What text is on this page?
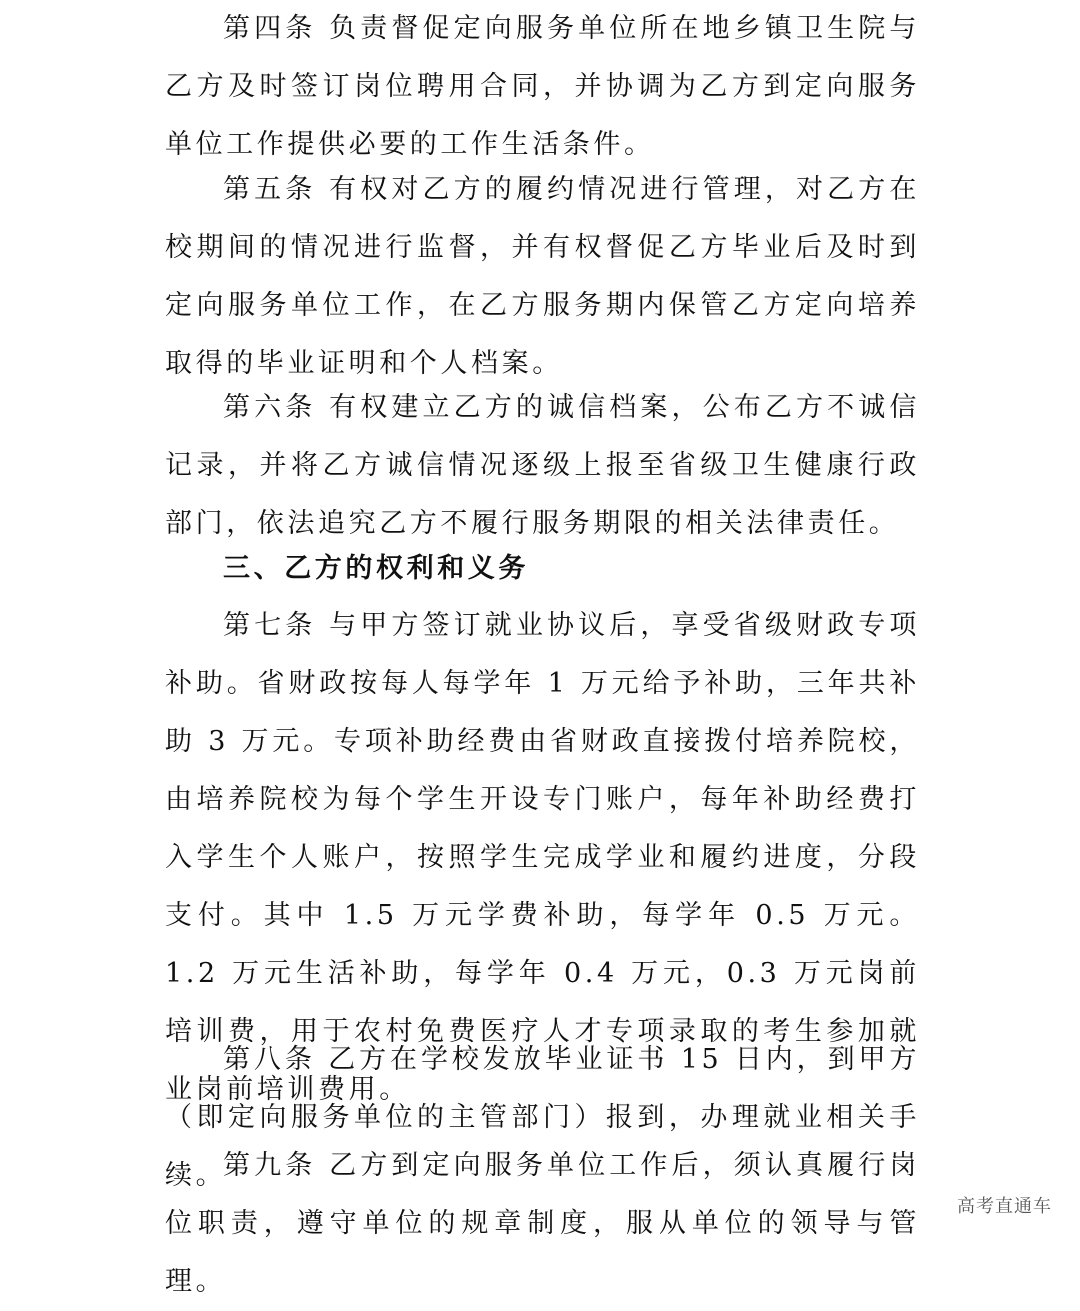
第四条 负责督促定向服务单位所在地乡镇卫生院与乙方及时签订岗位聘用合同，并协调为乙方到定向服务单位工作提供必要的工作生活条件。

第五条 有权对乙方的履约情况进行管理，对乙方在校期间的情况进行监督，并有权督促乙方毕业后及时到定向服务单位工作，在乙方服务期内保管乙方定向培养取得的毕业证明和个人档案。

第六条 有权建立乙方的诚信档案，公布乙方不诚信记录，并将乙方诚信情况逐级上报至省级卫生健康行政部门，依法追究乙方不履行服务期限的相关法律责任。

三、乙方的权利和义务

第七条 与甲方签订就业协议后，享受省级财政专项补助。省财政按每人每学年 1 万元给予补助，三年共补助 3 万元。专项补助经费由省财政直接拨付培养院校，由培养院校为每个学生开设专门账户，每年补助经费打入学生个人账户，按照学生完成学业和履约进度，分段支付。其中 1.5 万元学费补助，每学年 0.5 万元。1.2 万元生活补助，每学年 0.4 万元，0.3 万元岗前培训费，用于农村免费医疗人才专项录取的考生参加就业岗前培训费用。

第八条 乙方在学校发放毕业证书 15 日内，到甲方（即定向服务单位的主管部门）报到，办理就业相关手续。

第九条 乙方到定向服务单位工作后，须认真履行岗位职责，遵守单位的规章制度，服从单位的领导与管理。

高考直通车
